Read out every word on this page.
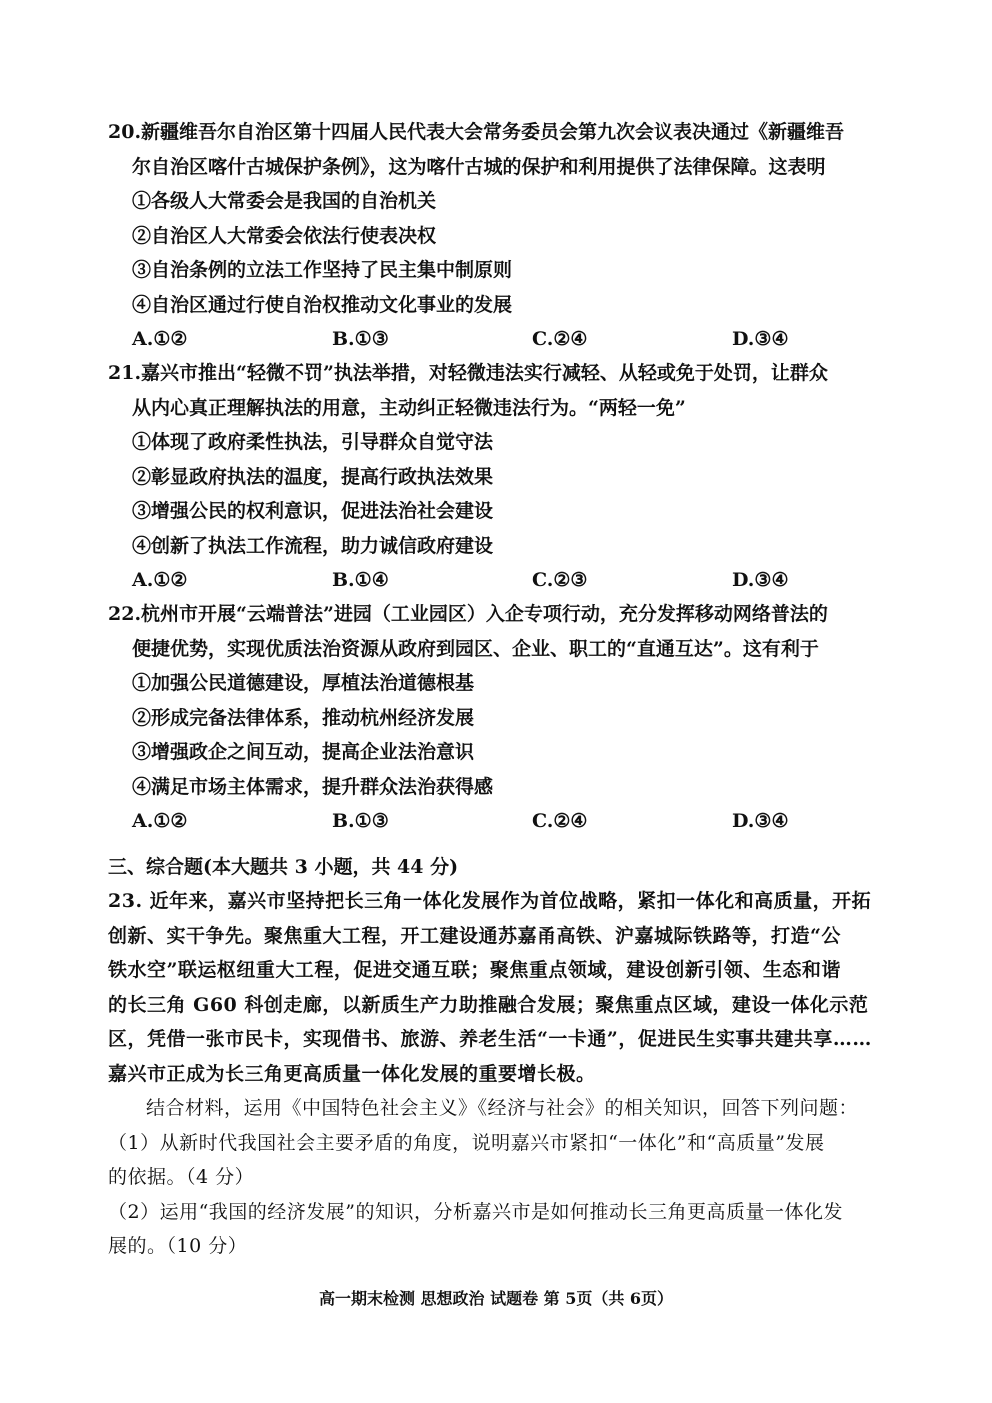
20.新疆维吾尔自治区第十四届人民代表大会常务委员会第九次会议表决通过《新疆维吾
尔自治区喀什古城保护条例》，这为喀什古城的保护和利用提供了法律保障。这表明
①各级人大常委会是我国的自治机关
②自治区人大常委会依法行使表决权
③自治条例的立法工作坚持了民主集中制原则
④自治区通过行使自治权推动文化事业的发展
A.①②	B.①③	C.②④	D.③④
21.嘉兴市推出“轻微不罚”执法举措，对轻微违法实行减轻、从轻或免于处罚，让群众
从内心真正理解执法的用意，主动纠正轻微违法行为。“两轻一免”
①体现了政府柔性执法，引导群众自觉守法
②彰显政府执法的温度，提高行政执法效果
③增强公民的权利意识，促进法治社会建设
④创新了执法工作流程，助力诚信政府建设
A.①②	B.①④	C.②③	D.③④
22.杭州市开展“云端普法”进园（工业园区）入企专项行动，充分发挥移动网络普法的
便捷优势，实现优质法治资源从政府到园区、企业、职工的“直通互达”。这有利于
①加强公民道德建设，厚植法治道德根基
②形成完备法律体系，推动杭州经济发展
③增强政企之间互动，提高企业法治意识
④满足市场主体需求，提升群众法治获得感
A.①②	B.①③	C.②④	D.③④
三、综合题(本大题共 3 小题，共 44 分)
23. 近年来，嘉兴市坚持把长三角一体化发展作为首位战略，紧扣一体化和高质量，开拓
创新、实干争先。聚焦重大工程，开工建设通苏嘉甬高铁、沪嘉城际铁路等，打造“公
铁水空”联运枢纽重大工程，促进交通互联；聚焦重点领域，建设创新引领、生态和谐
的长三角 G60 科创走廊，以新质生产力助推融合发展；聚焦重点区域，建设一体化示范
区，凭借一张市民卡，实现借书、旅游、养老生活“一卡通”，促进民生实事共建共享……
嘉兴市正成为长三角更高质量一体化发展的重要增长极。
结合材料，运用《中国特色社会主义》《经济与社会》的相关知识，回答下列问题：
（1）从新时代我国社会主要矛盾的角度，说明嘉兴市紧扣“一体化”和“高质量”发展
的依据。（4 分）
（2）运用“我国的经济发展”的知识，分析嘉兴市是如何推动长三角更高质量一体化发
展的。（10 分）
高一期末检测 思想政治 试题卷 第 5页（共 6页）
